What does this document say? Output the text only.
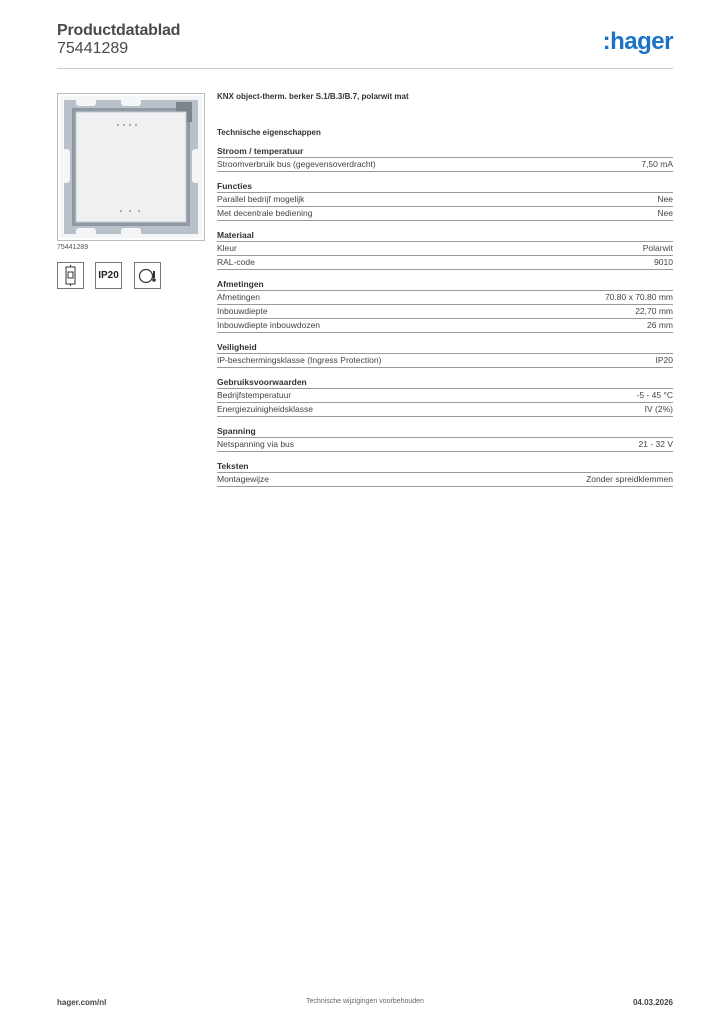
Productdatablad
75441289	:hager
75441289
IP20
KNX object-therm. berker S.1/B.3/B.7, polarwit mat
Technische eigenschappen
Stroom / temperatuur
Stroomverbruik bus (gegevensoverdracht)	7,50 mA
Functies
Parallel bedrijf mogelijk	Nee
Met decentrale bediening	Nee
Materiaal
Kleur	Polarwit
RAL-code	9010
Afmetingen
Afmetingen	70.80 x 70.80 mm
Inbouwdiepte	22,70 mm
Inbouwdiepte inbouwdozen	26 mm
Veiligheid
IP-beschermingsklasse (Ingress Protection)	IP20
Gebruiksvoorwaarden
Bedrijfstemperatuur	-5 - 45 °C
Energiezuinigheidsklasse	IV (2%)
Spanning
Netspanning via bus	21 - 32 V
Teksten
Montagewijze	Zonder spreidklemmen
hager.com/nl	Technische wijzigingen voorbehouden	04.03.2026
